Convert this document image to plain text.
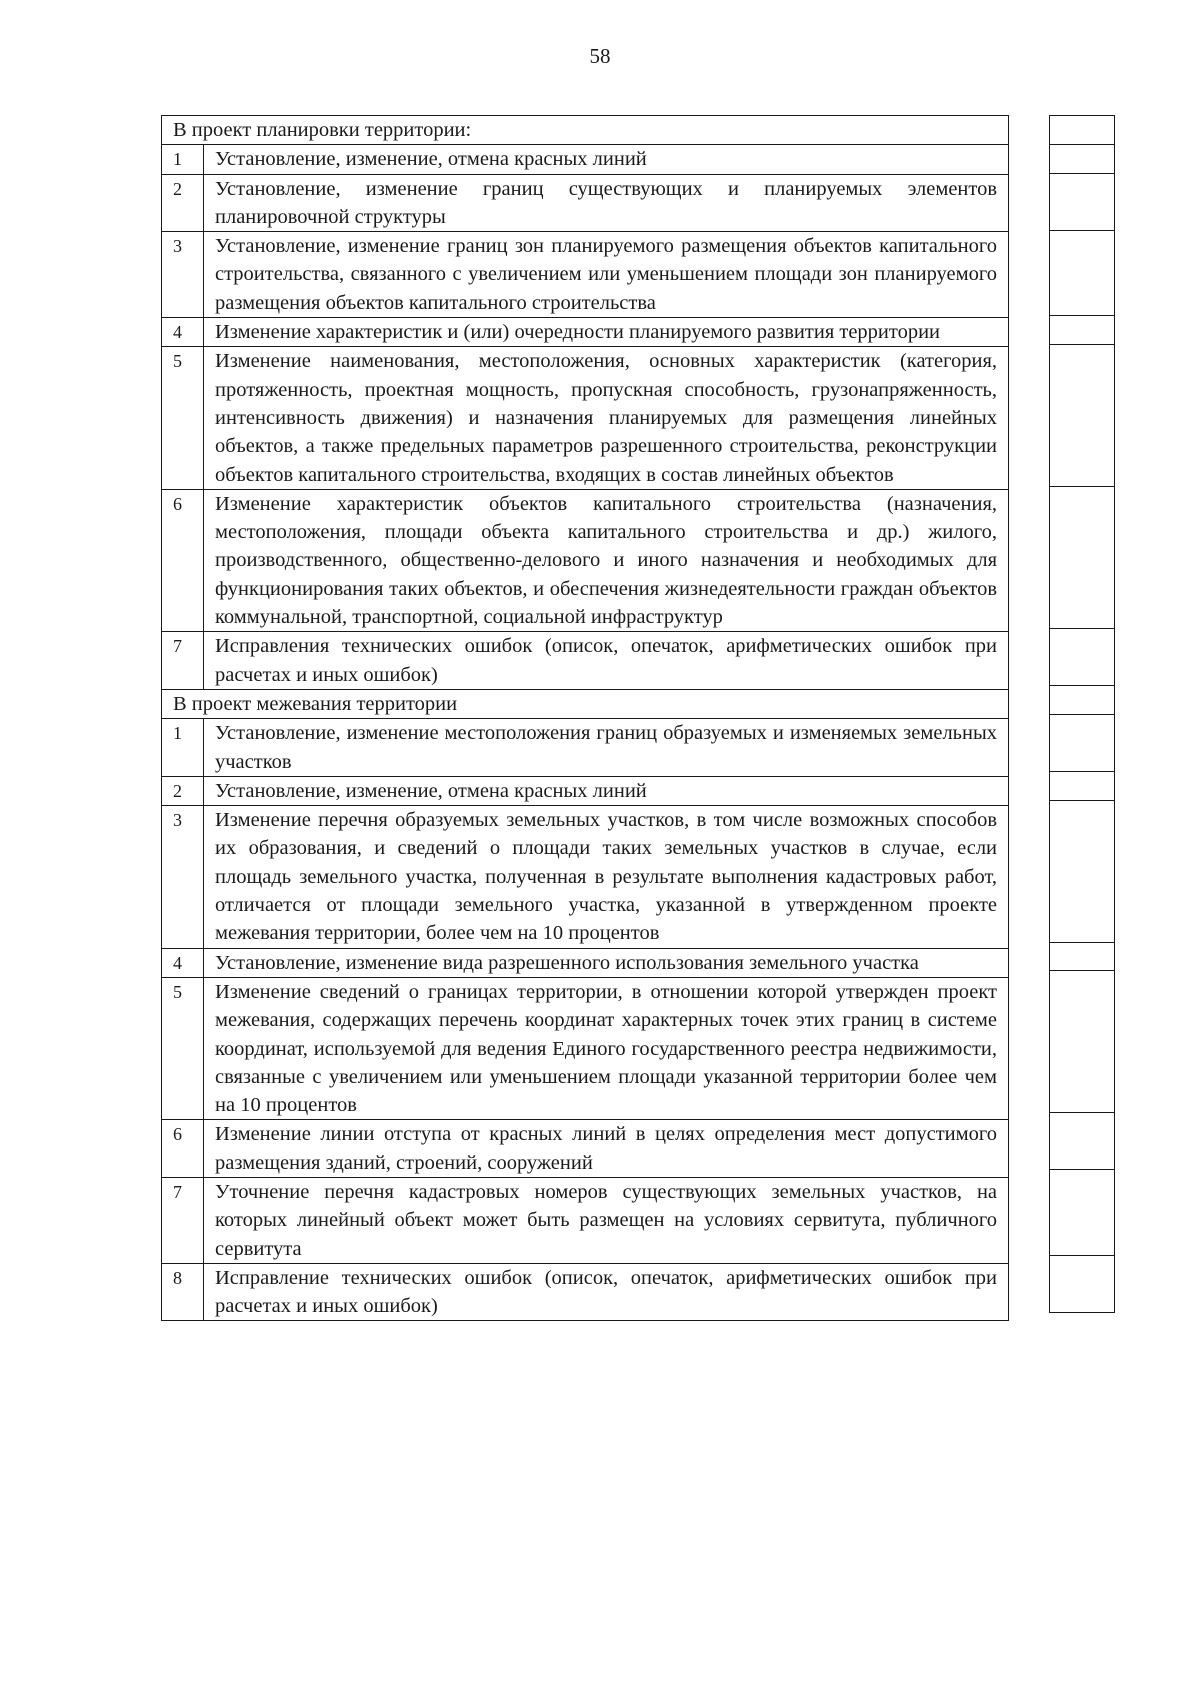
58
В проект планировки территории:	
1	Установление, изменение, отмена красных линий
2	Установление, изменение границ существующих и планируемых элементов планировочной структуры
3	Установление, изменение границ зон планируемого размещения объектов капитального строительства, связанного с увеличением или уменьшением площади зон планируемого размещения объектов капитального строительства
4	Изменение характеристик и (или) очередности планируемого развития территории
5	Изменение наименования, местоположения, основных характеристик (категория, протяженность, проектная мощность, пропускная способность, грузонапряженность, интенсивность движения) и назначения планируемых для размещения линейных объектов, а также предельных параметров разрешенного строительства, реконструкции объектов капитального строительства, входящих в состав линейных объектов
6	Изменение характеристик объектов капитального строительства (назначения, местоположения, площади объекта капитального строительства и др.) жилого, производственного, общественно-делового и иного назначения и необходимых для функционирования таких объектов, и обеспечения жизнедеятельности граждан объектов коммунальной, транспортной, социальной инфраструктур
7	Исправления технических ошибок (описок, опечаток, арифметических ошибок при расчетах и иных ошибок)
В проект межевания территории	
1	Установление, изменение местоположения границ образуемых и изменяемых земельных участков
2	Установление, изменение, отмена красных линий
3	Изменение перечня образуемых земельных участков, в том числе возможных способов их образования, и сведений о площади таких земельных участков в случае, если площадь земельного участка, полученная в результате выполнения кадастровых работ, отличается от площади земельного участка, указанной в утвержденном проекте межевания территории, более чем на 10 процентов
4	Установление, изменение вида разрешенного использования земельного участка
5	Изменение сведений о границах территории, в отношении которой утвержден проект межевания, содержащих перечень координат характерных точек этих границ в системе координат, используемой для ведения Единого государственного реестра недвижимости, связанные с увеличением или уменьшением площади указанной территории более чем на 10 процентов
6	Изменение линии отступа от красных линий в целях определения мест допустимого размещения зданий, строений, сооружений
7	Уточнение перечня кадастровых номеров существующих земельных участков, на которых линейный объект может быть размещен на условиях сервитута, публичного сервитута
8	Исправление технических ошибок (описок, опечаток, арифметических ошибок при расчетах и иных ошибок)
